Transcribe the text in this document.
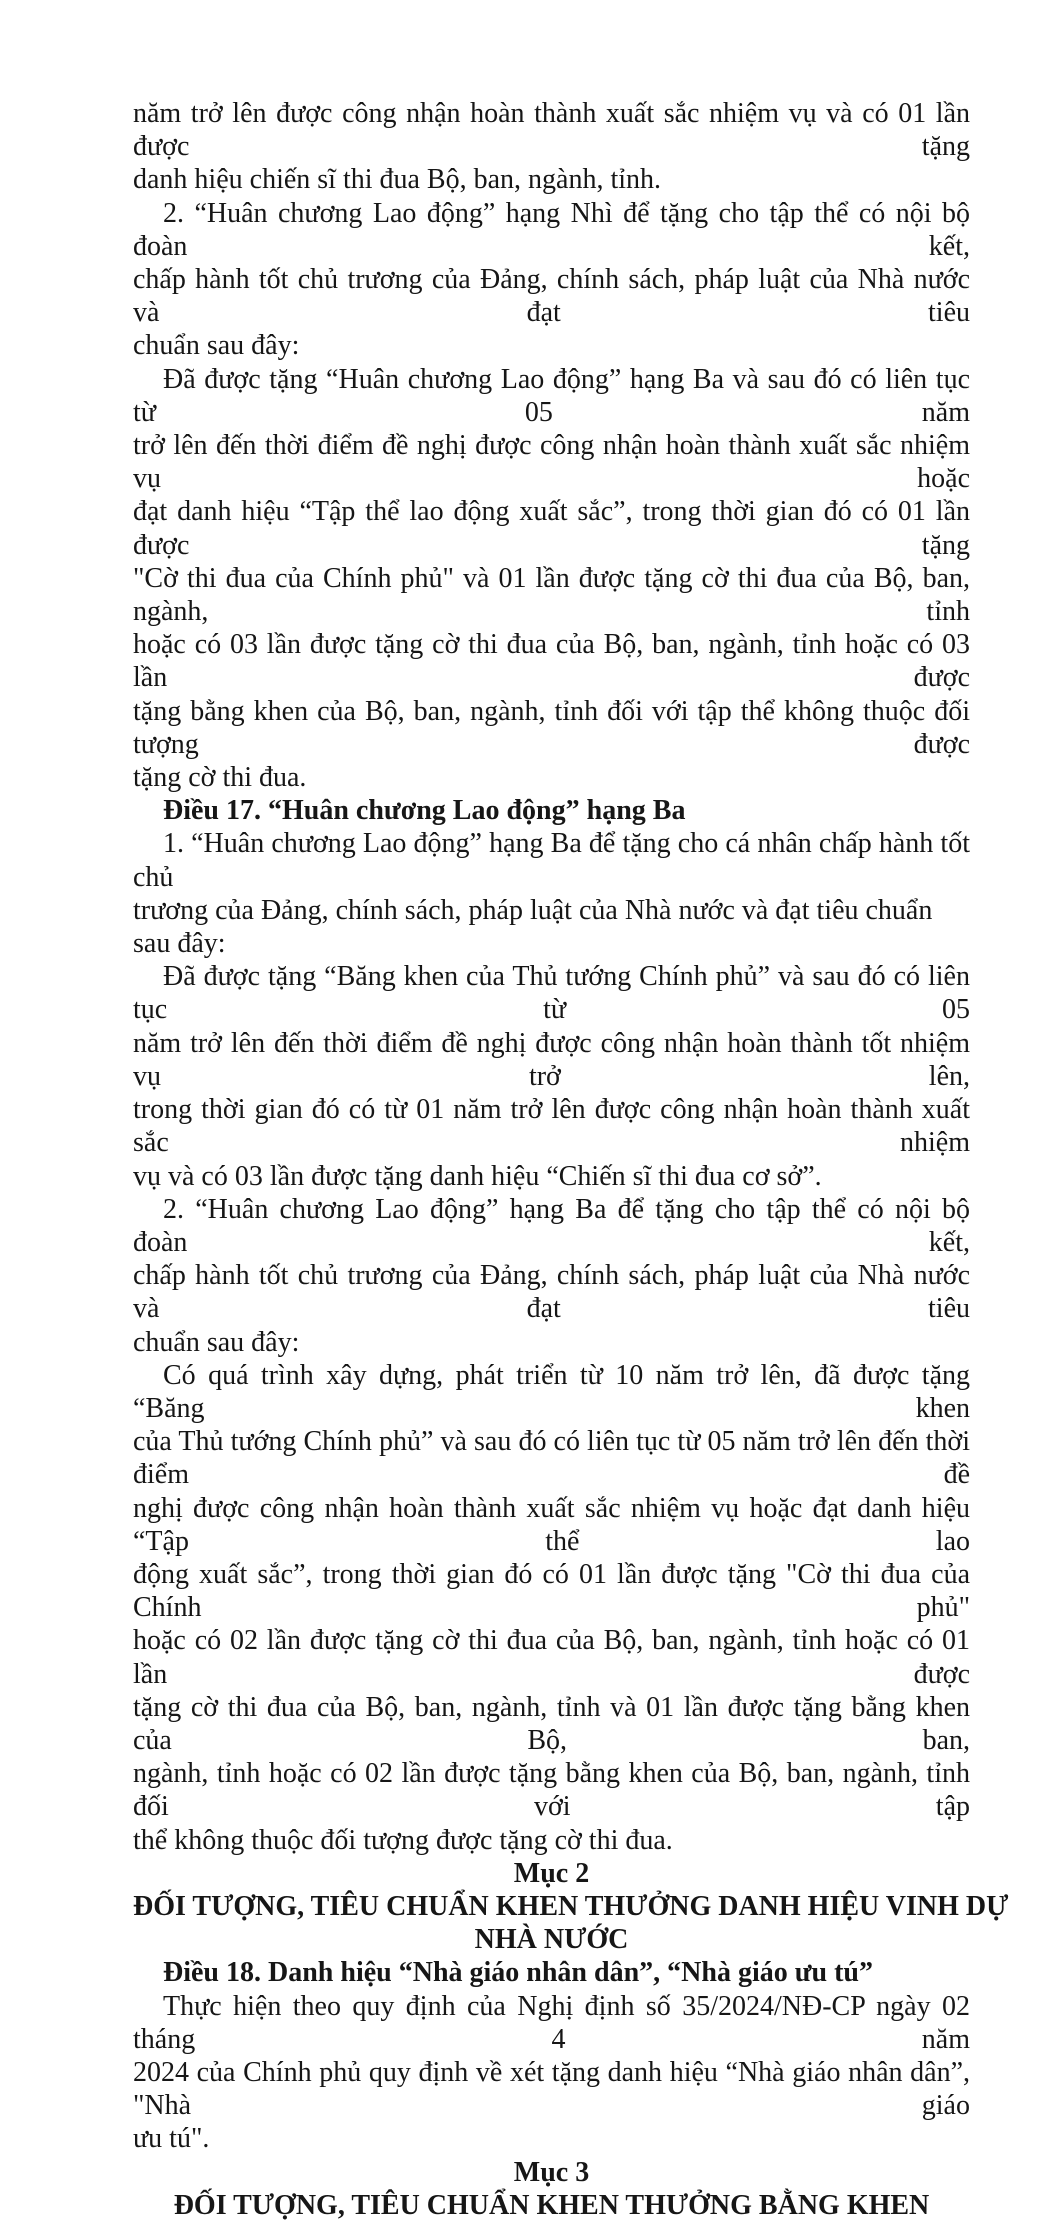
năm trở lên được công nhận hoàn thành xuất sắc nhiệm vụ và có 01 lần được tặng
danh hiệu chiến sĩ thi đua Bộ, ban, ngành, tỉnh.
2. “Huân chương Lao động” hạng Nhì để tặng cho tập thể có nội bộ đoàn kết,
chấp hành tốt chủ trương của Đảng, chính sách, pháp luật của Nhà nước và đạt tiêu
chuẩn sau đây:
Đã được tặng “Huân chương Lao động” hạng Ba và sau đó có liên tục từ 05 năm
trở lên đến thời điểm đề nghị được công nhận hoàn thành xuất sắc nhiệm vụ hoặc
đạt danh hiệu “Tập thể lao động xuất sắc”, trong thời gian đó có 01 lần được tặng
"Cờ thi đua của Chính phủ" và 01 lần được tặng cờ thi đua của Bộ, ban, ngành, tỉnh
hoặc có 03 lần được tặng cờ thi đua của Bộ, ban, ngành, tỉnh hoặc có 03 lần được
tặng bằng khen của Bộ, ban, ngành, tỉnh đối với tập thể không thuộc đối tượng được
tặng cờ thi đua.
Điều 17. “Huân chương Lao động” hạng Ba
1. “Huân chương Lao động” hạng Ba để tặng cho cá nhân chấp hành tốt chủ
trương của Đảng, chính sách, pháp luật của Nhà nước và đạt tiêu chuẩn sau đây:
Đã được tặng “Băng khen của Thủ tướng Chính phủ” và sau đó có liên tục từ 05
năm trở lên đến thời điểm đề nghị được công nhận hoàn thành tốt nhiệm vụ trở lên,
trong thời gian đó có từ 01 năm trở lên được công nhận hoàn thành xuất sắc nhiệm
vụ và có 03 lần được tặng danh hiệu “Chiến sĩ thi đua cơ sở”.
2. “Huân chương Lao động” hạng Ba để tặng cho tập thể có nội bộ đoàn kết,
chấp hành tốt chủ trương của Đảng, chính sách, pháp luật của Nhà nước và đạt tiêu
chuẩn sau đây:
Có quá trình xây dựng, phát triển từ 10 năm trở lên, đã được tặng “Băng khen
của Thủ tướng Chính phủ” và sau đó có liên tục từ 05 năm trở lên đến thời điểm đề
nghị được công nhận hoàn thành xuất sắc nhiệm vụ hoặc đạt danh hiệu “Tập thể lao
động xuất sắc”, trong thời gian đó có 01 lần được tặng "Cờ thi đua của Chính phủ"
hoặc có 02 lần được tặng cờ thi đua của Bộ, ban, ngành, tỉnh hoặc có 01 lần được
tặng cờ thi đua của Bộ, ban, ngành, tỉnh và 01 lần được tặng bằng khen của Bộ, ban,
ngành, tỉnh hoặc có 02 lần được tặng bằng khen của Bộ, ban, ngành, tỉnh đối với tập
thể không thuộc đối tượng được tặng cờ thi đua.
Mục 2
ĐỐI TƯỢNG, TIÊU CHUẨN KHEN THƯỞNG DANH HIỆU VINH DỰ
NHÀ NƯỚC
Điều 18. Danh hiệu “Nhà giáo nhân dân”, “Nhà giáo ưu tú”
Thực hiện theo quy định của Nghị định số 35/2024/NĐ-CP ngày 02 tháng 4 năm
2024 của Chính phủ quy định về xét tặng danh hiệu “Nhà giáo nhân dân”, "Nhà giáo
ưu tú".
Mục 3
ĐỐI TƯỢNG, TIÊU CHUẨN KHEN THƯỞNG BẰNG KHEN
